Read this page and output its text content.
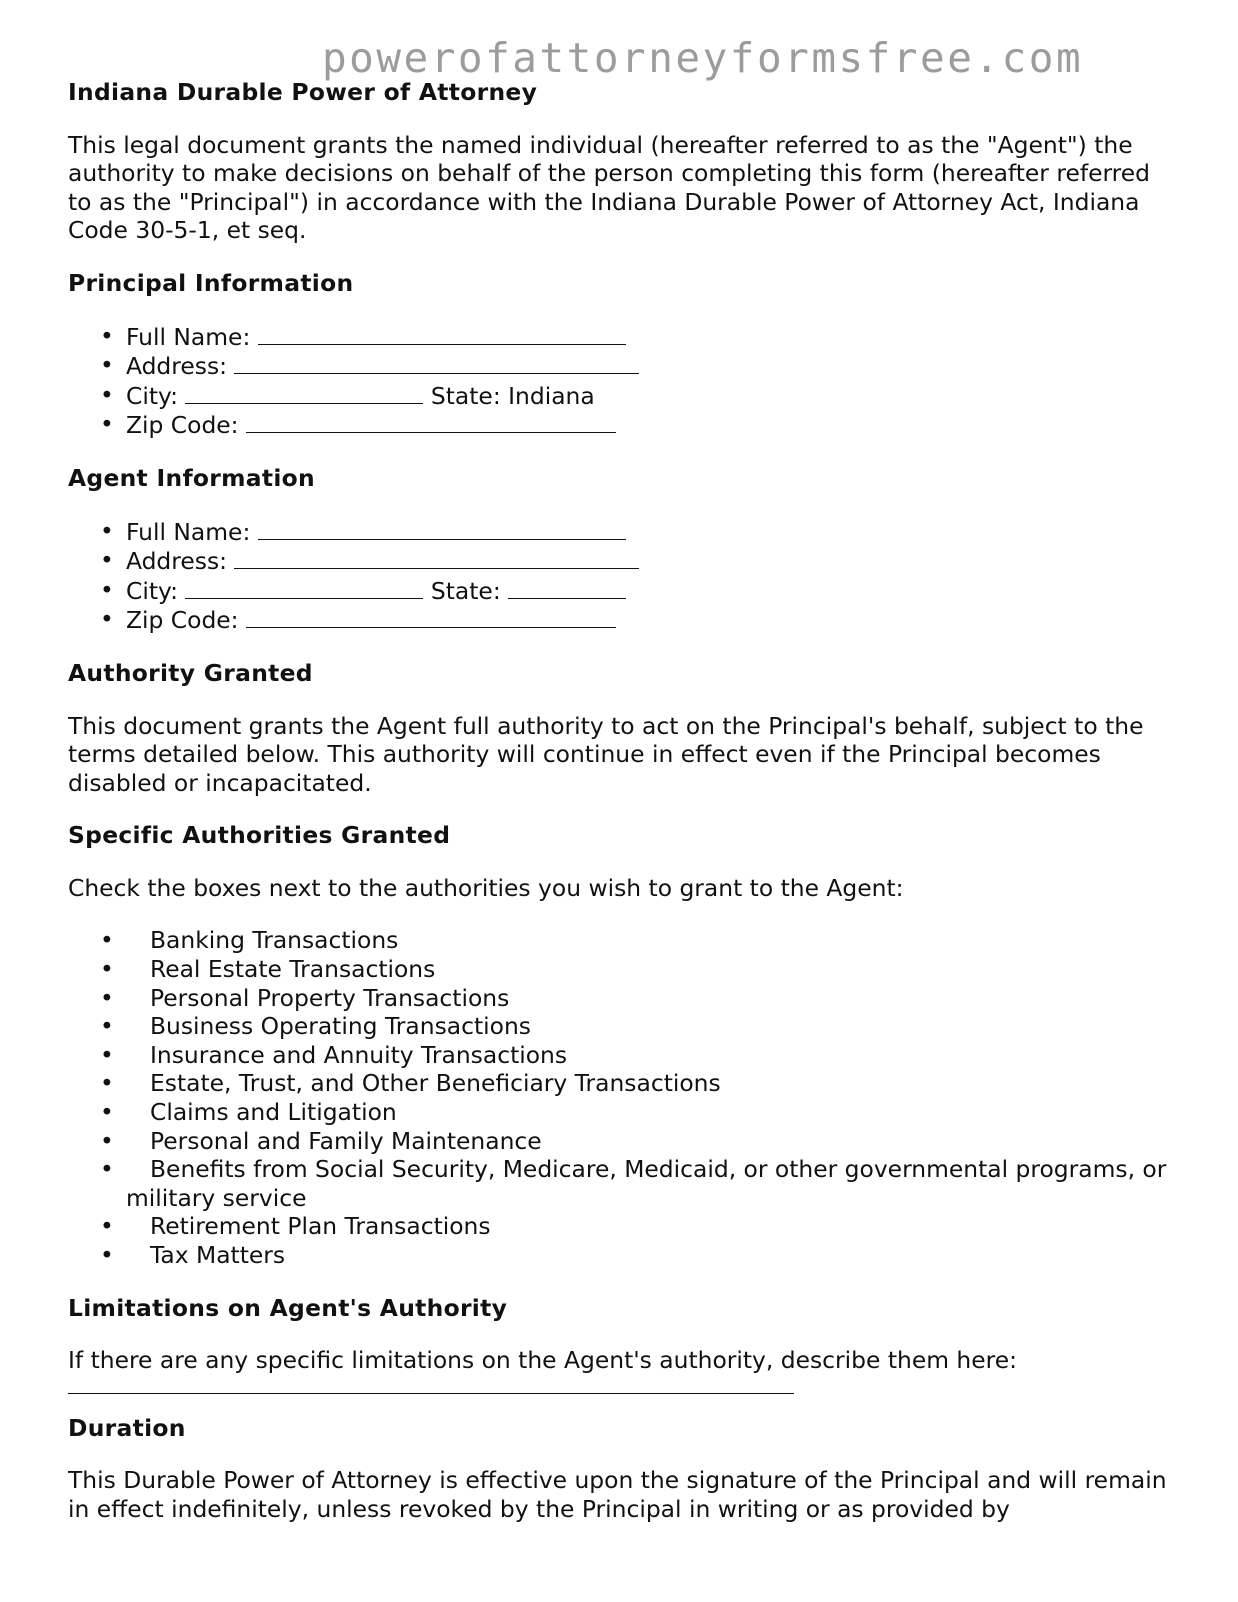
powerofattorneyformsfree.com
Indiana Durable Power of Attorney

This legal document grants the named individual (hereafter referred to as the "Agent") the authority to make decisions on behalf of the person completing this form (hereafter referred to as the "Principal") in accordance with the Indiana Durable Power of Attorney Act, Indiana Code 30-5-1, et seq.

Principal Information
• Full Name:
• Address:
• City:	State: Indiana
• Zip Code:
Agent Information
• Full Name:
• Address:
• City:	State:
• Zip Code:
Authority Granted

This document grants the Agent full authority to act on the Principal's behalf, subject to the terms detailed below. This authority will continue in effect even if the Principal becomes disabled or incapacitated.

Specific Authorities Granted

Check the boxes next to the authorities you wish to grant to the Agent:

• Banking Transactions
• Real Estate Transactions
• Personal Property Transactions
• Business Operating Transactions
• Insurance and Annuity Transactions
• Estate, Trust, and Other Beneficiary Transactions
• Claims and Litigation
• Personal and Family Maintenance
• Benefits from Social Security, Medicare, Medicaid, or other governmental programs, or military service
• Retirement Plan Transactions
• Tax Matters
Limitations on Agent's Authority

If there are any specific limitations on the Agent's authority, describe them here:

Duration

This Durable Power of Attorney is effective upon the signature of the Principal and will remain in effect indefinitely, unless revoked by the Principal in writing or as provided by
